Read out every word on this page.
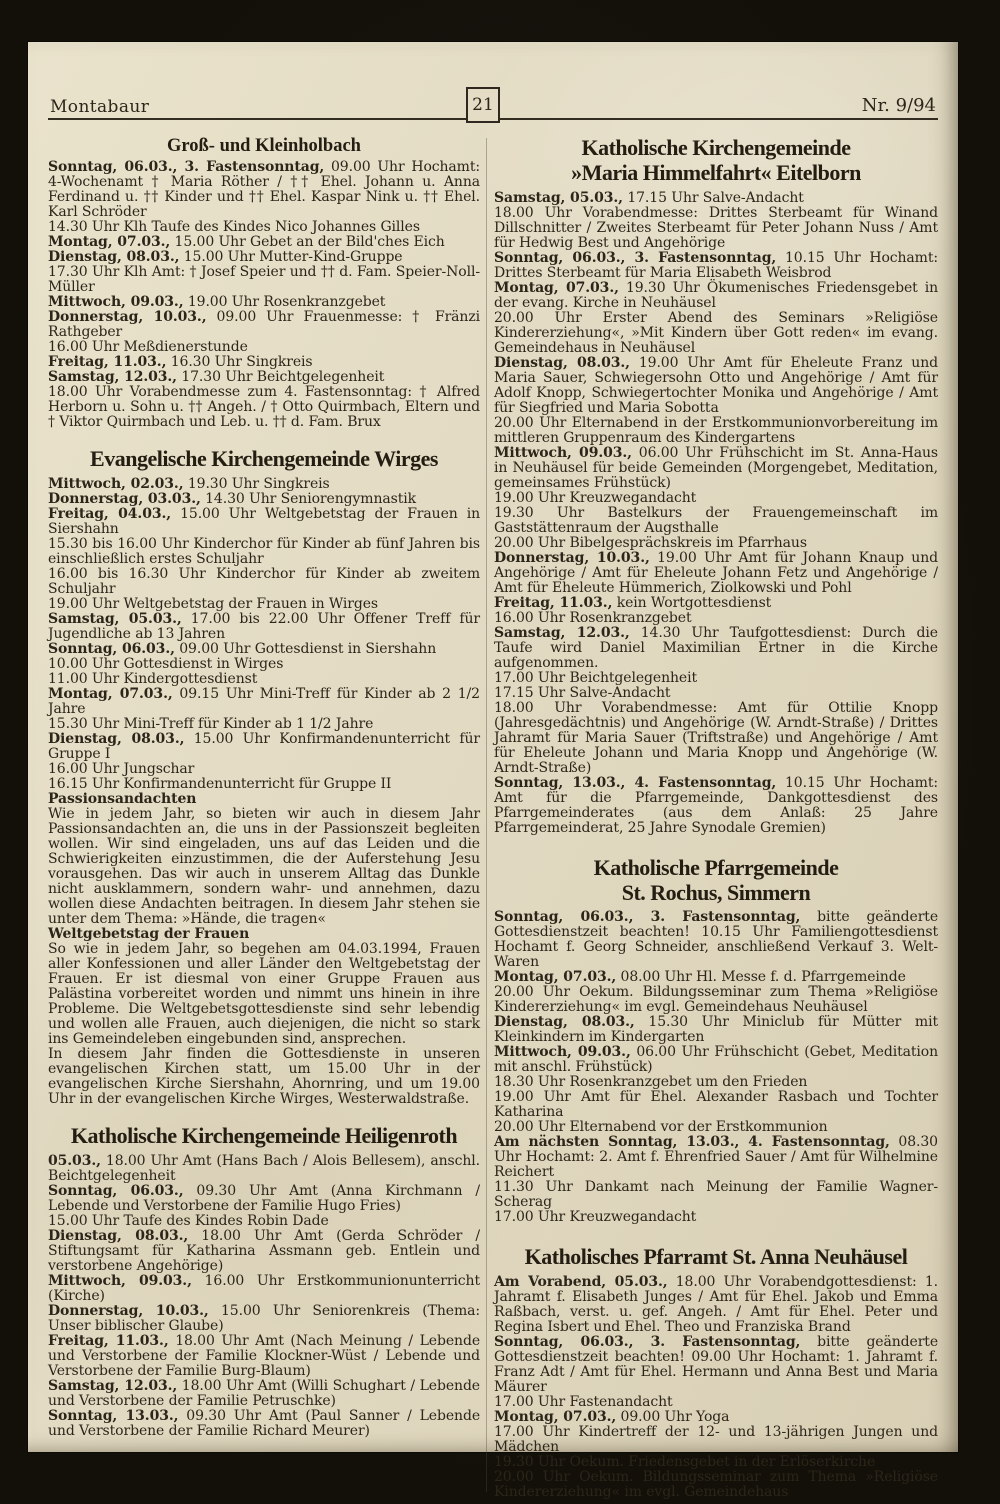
Montabaur	21	Nr. 9/94
Groß- und Kleinholbach

Sonntag, 06.03., 3. Fastensonntag, 09.00 Uhr Hochamt: 4-Wochenamt † Maria Röther / †† Ehel. Johann u. Anna Ferdinand u. †† Kinder und †† Ehel. Kaspar Nink u. †† Ehel. Karl Schröder

14.30 Uhr Klh Taufe des Kindes Nico Johannes Gilles

Montag, 07.03., 15.00 Uhr Gebet an der Bild'ches Eich

Dienstag, 08.03., 15.00 Uhr Mutter-Kind-Gruppe

17.30 Uhr Klh Amt: † Josef Speier und †† d. Fam. Speier-Noll-Müller

Mittwoch, 09.03., 19.00 Uhr Rosenkranzgebet

Donnerstag, 10.03., 09.00 Uhr Frauenmesse: † Fränzi Rathgeber

16.00 Uhr Meßdienerstunde

Freitag, 11.03., 16.30 Uhr Singkreis

Samstag, 12.03., 17.30 Uhr Beichtgelegenheit

18.00 Uhr Vorabendmesse zum 4. Fastensonntag: † Alfred Herborn u. Sohn u. †† Angeh. / † Otto Quirmbach, Eltern und † Viktor Quirmbach und Leb. u. †† d. Fam. Brux

Evangelische Kirchengemeinde Wirges

Mittwoch, 02.03., 19.30 Uhr Singkreis

Donnerstag, 03.03., 14.30 Uhr Seniorengymnastik

Freitag, 04.03., 15.00 Uhr Weltgebetstag der Frauen in Siershahn

15.30 bis 16.00 Uhr Kinderchor für Kinder ab fünf Jahren bis einschließlich erstes Schuljahr

16.00 bis 16.30 Uhr Kinderchor für Kinder ab zweitem Schuljahr

19.00 Uhr Weltgebetstag der Frauen in Wirges

Samstag, 05.03., 17.00 bis 22.00 Uhr Offener Treff für Jugendliche ab 13 Jahren

Sonntag, 06.03., 09.00 Uhr Gottesdienst in Siershahn

10.00 Uhr Gottesdienst in Wirges

11.00 Uhr Kindergottesdienst

Montag, 07.03., 09.15 Uhr Mini-Treff für Kinder ab 2 1/2 Jahre

15.30 Uhr Mini-Treff für Kinder ab 1 1/2 Jahre

Dienstag, 08.03., 15.00 Uhr Konfirmandenunterricht für Gruppe I

16.00 Uhr Jungschar

16.15 Uhr Konfirmandenunterricht für Gruppe II

Passionsandachten

Wie in jedem Jahr, so bieten wir auch in diesem Jahr Passionsandachten an, die uns in der Passionszeit begleiten wollen. Wir sind eingeladen, uns auf das Leiden und die Schwierigkeiten einzustimmen, die der Auferstehung Jesu vorausgehen. Das wir auch in unserem Alltag das Dunkle nicht ausklammern, sondern wahr- und annehmen, dazu wollen diese Andachten beitragen. In diesem Jahr stehen sie unter dem Thema: »Hände, die tragen«

Weltgebetstag der Frauen

So wie in jedem Jahr, so begehen am 04.03.1994, Frauen aller Konfessionen und aller Länder den Weltgebetstag der Frauen. Er ist diesmal von einer Gruppe Frauen aus Palästina vorbereitet worden und nimmt uns hinein in ihre Probleme. Die Weltgebetsgottesdienste sind sehr lebendig und wollen alle Frauen, auch diejenigen, die nicht so stark ins Gemeindeleben eingebunden sind, ansprechen.

In diesem Jahr finden die Gottesdienste in unseren evangelischen Kirchen statt, um 15.00 Uhr in der evangelischen Kirche Siershahn, Ahornring, und um 19.00 Uhr in der evangelischen Kirche Wirges, Westerwaldstraße.

Katholische Kirchengemeinde Heiligenroth

05.03., 18.00 Uhr Amt (Hans Bach / Alois Bellesem), anschl. Beichtgelegenheit

Sonntag, 06.03., 09.30 Uhr Amt (Anna Kirchmann / Lebende und Verstorbene der Familie Hugo Fries)

15.00 Uhr Taufe des Kindes Robin Dade

Dienstag, 08.03., 18.00 Uhr Amt (Gerda Schröder / Stiftungsamt für Katharina Assmann geb. Entlein und verstorbene Angehörige)

Mittwoch, 09.03., 16.00 Uhr Erstkommunionunterricht (Kirche)

Donnerstag, 10.03., 15.00 Uhr Seniorenkreis (Thema: Unser biblischer Glaube)

Freitag, 11.03., 18.00 Uhr Amt (Nach Meinung / Lebende und Verstorbene der Familie Klockner-Wüst / Lebende und Verstorbene der Familie Burg-Blaum)

Samstag, 12.03., 18.00 Uhr Amt (Willi Schughart / Lebende und Verstorbene der Familie Petruschke)

Sonntag, 13.03., 09.30 Uhr Amt (Paul Sanner / Lebende und Verstorbene der Familie Richard Meurer)

Katholische Kirchengemeinde
»Maria Himmelfahrt« Eitelborn

Samstag, 05.03., 17.15 Uhr Salve-Andacht

18.00 Uhr Vorabendmesse: Drittes Sterbeamt für Winand Dillschnitter / Zweites Sterbeamt für Peter Johann Nuss / Amt für Hedwig Best und Angehörige

Sonntag, 06.03., 3. Fastensonntag, 10.15 Uhr Hochamt: Drittes Sterbeamt für Maria Elisabeth Weisbrod

Montag, 07.03., 19.30 Uhr Ökumenisches Friedensgebet in der evang. Kirche in Neuhäusel

20.00 Uhr Erster Abend des Seminars »Religiöse Kindererziehung«, »Mit Kindern über Gott reden« im evang. Gemeindehaus in Neuhäusel

Dienstag, 08.03., 19.00 Uhr Amt für Eheleute Franz und Maria Sauer, Schwiegersohn Otto und Angehörige / Amt für Adolf Knopp, Schwiegertochter Monika und Angehörige / Amt für Siegfried und Maria Sobotta

20.00 Uhr Elternabend in der Erstkommunionvorbereitung im mittleren Gruppenraum des Kindergartens

Mittwoch, 09.03., 06.00 Uhr Frühschicht im St. Anna-Haus in Neuhäusel für beide Gemeinden (Morgengebet, Meditation, gemeinsames Frühstück)

19.00 Uhr Kreuzwegandacht

19.30 Uhr Bastelkurs der Frauengemeinschaft im Gaststättenraum der Augsthalle

20.00 Uhr Bibelgesprächskreis im Pfarrhaus

Donnerstag, 10.03., 19.00 Uhr Amt für Johann Knaup und Angehörige / Amt für Eheleute Johann Fetz und Angehörige / Amt für Eheleute Hümmerich, Ziolkowski und Pohl

Freitag, 11.03., kein Wortgottesdienst

16.00 Uhr Rosenkranzgebet

Samstag, 12.03., 14.30 Uhr Taufgottesdienst: Durch die Taufe wird Daniel Maximilian Ertner in die Kirche aufgenommen.

17.00 Uhr Beichtgelegenheit

17.15 Uhr Salve-Andacht

18.00 Uhr Vorabendmesse: Amt für Ottilie Knopp (Jahresgedächtnis) und Angehörige (W. Arndt-Straße) / Drittes Jahramt für Maria Sauer (Triftstraße) und Angehörige / Amt für Eheleute Johann und Maria Knopp und Angehörige (W. Arndt-Straße)

Sonntag, 13.03., 4. Fastensonntag, 10.15 Uhr Hochamt: Amt für die Pfarrgemeinde, Dankgottesdienst des Pfarrgemeinderates (aus dem Anlaß: 25 Jahre Pfarrgemeinderat, 25 Jahre Synodale Gremien)

Katholische Pfarrgemeinde
St. Rochus, Simmern

Sonntag, 06.03., 3. Fastensonntag, bitte geänderte Gottesdienstzeit beachten! 10.15 Uhr Familiengottesdienst Hochamt f. Georg Schneider, anschließend Verkauf 3. Welt-Waren

Montag, 07.03., 08.00 Uhr Hl. Messe f. d. Pfarrgemeinde

20.00 Uhr Oekum. Bildungsseminar zum Thema »Religiöse Kindererziehung« im evgl. Gemeindehaus Neuhäusel

Dienstag, 08.03., 15.30 Uhr Miniclub für Mütter mit Kleinkindern im Kindergarten

Mittwoch, 09.03., 06.00 Uhr Frühschicht (Gebet, Meditation mit anschl. Frühstück)

18.30 Uhr Rosenkranzgebet um den Frieden

19.00 Uhr Amt für Ehel. Alexander Rasbach und Tochter Katharina

20.00 Uhr Elternabend vor der Erstkommunion

Am nächsten Sonntag, 13.03., 4. Fastensonntag, 08.30 Uhr Hochamt: 2. Amt f. Ehrenfried Sauer / Amt für Wilhelmine Reichert

11.30 Uhr Dankamt nach Meinung der Familie Wagner-Scherag

17.00 Uhr Kreuzwegandacht

Katholisches Pfarramt St. Anna Neuhäusel

Am Vorabend, 05.03., 18.00 Uhr Vorabendgottesdienst: 1. Jahramt f. Elisabeth Junges / Amt für Ehel. Jakob und Emma Raßbach, verst. u. gef. Angeh. / Amt für Ehel. Peter und Regina Isbert und Ehel. Theo und Franziska Brand

Sonntag, 06.03., 3. Fastensonntag, bitte geänderte Gottesdienstzeit beachten! 09.00 Uhr Hochamt: 1. Jahramt f. Franz Adt / Amt für Ehel. Hermann und Anna Best und Maria Mäurer

17.00 Uhr Fastenandacht

Montag, 07.03., 09.00 Uhr Yoga

17.00 Uhr Kindertreff der 12- und 13-jährigen Jungen und Mädchen

19.30 Uhr Oekum. Friedensgebet in der Erlöserkirche

20.00 Uhr Oekum. Bildungsseminar zum Thema »Religiöse Kindererziehung« im evgl. Gemeindehaus
